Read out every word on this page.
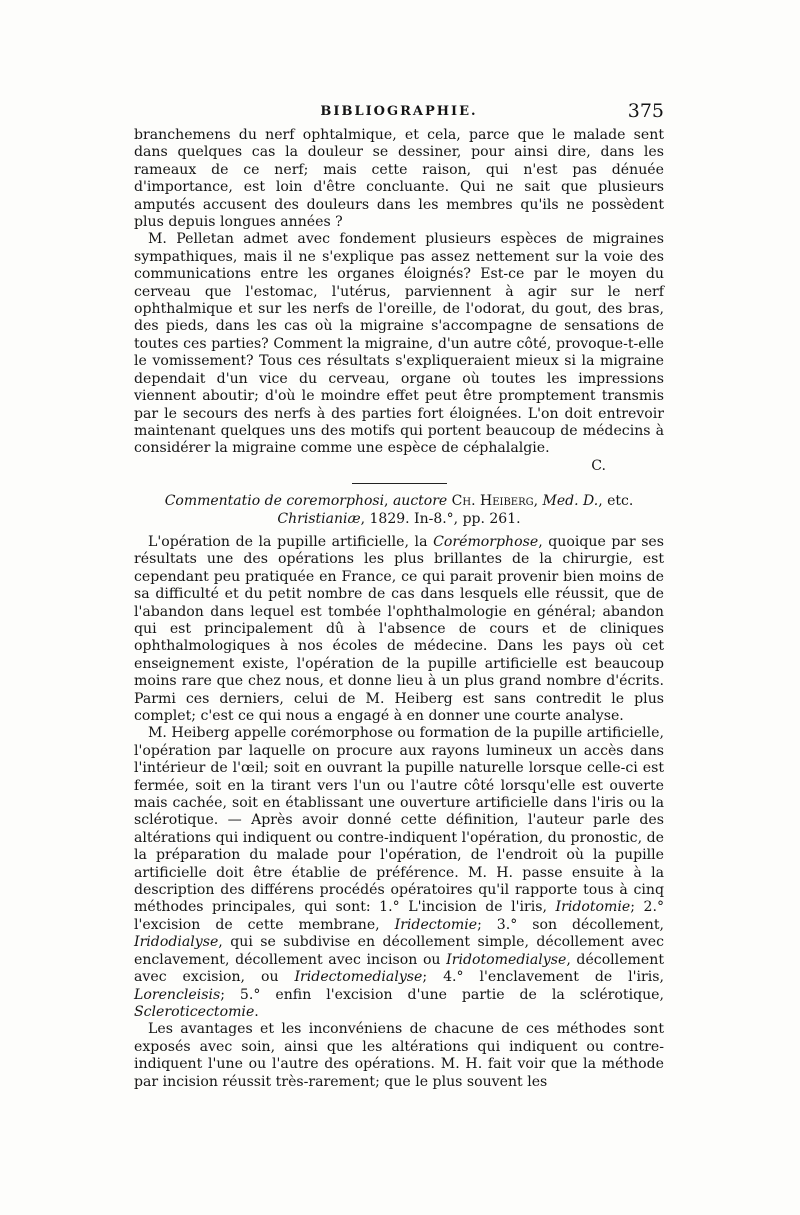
BIBLIOGRAPHIE.	375

branchemens du nerf ophtalmique, et cela, parce que le malade sent dans quelques cas la douleur se dessiner, pour ainsi dire, dans les rameaux de ce nerf; mais cette raison, qui n'est pas dénuée d'importance, est loin d'être concluante. Qui ne sait que plusieurs amputés accusent des douleurs dans les membres qu'ils ne possèdent plus depuis longues années ?

M. Pelletan admet avec fondement plusieurs espèces de migraines sympathiques, mais il ne s'explique pas assez nettement sur la voie des communications entre les organes éloignés? Est-ce par le moyen du cerveau que l'estomac, l'utérus, parviennent à agir sur le nerf ophthalmique et sur les nerfs de l'oreille, de l'odorat, du gout, des bras, des pieds, dans les cas où la migraine s'accompagne de sensations de toutes ces parties? Comment la migraine, d'un autre côté, provoque-t-elle le vomissement? Tous ces résultats s'expliqueraient mieux si la migraine dependait d'un vice du cerveau, organe où toutes les impressions viennent aboutir; d'où le moindre effet peut être promptement transmis par le secours des nerfs à des parties fort éloignées. L'on doit entrevoir maintenant quelques uns des motifs qui portent beaucoup de médecins à considérer la migraine comme une espèce de céphalalgie.

C.

Commentatio de coremorphosi, auctore Ch. Heiberg, Med. D., etc.
Christianiæ, 1829. In-8.°, pp. 261.

L'opération de la pupille artificielle, la Corémorphose, quoique par ses résultats une des opérations les plus brillantes de la chirurgie, est cependant peu pratiquée en France, ce qui parait provenir bien moins de sa difficulté et du petit nombre de cas dans lesquels elle réussit, que de l'abandon dans lequel est tombée l'ophthalmologie en général; abandon qui est principalement dû à l'absence de cours et de cliniques ophthalmologiques à nos écoles de médecine. Dans les pays où cet enseignement existe, l'opération de la pupille artificielle est beaucoup moins rare que chez nous, et donne lieu à un plus grand nombre d'écrits. Parmi ces derniers, celui de M. Heiberg est sans contredit le plus complet; c'est ce qui nous a engagé à en donner une courte analyse.

M. Heiberg appelle corémorphose ou formation de la pupille artificielle, l'opération par laquelle on procure aux rayons lumineux un accès dans l'intérieur de l'œil; soit en ouvrant la pupille naturelle lorsque celle-ci est fermée, soit en la tirant vers l'un ou l'autre côté lorsqu'elle est ouverte mais cachée, soit en établissant une ouverture artificielle dans l'iris ou la sclérotique. — Après avoir donné cette définition, l'auteur parle des altérations qui indiquent ou contre-indiquent l'opération, du pronostic, de la préparation du malade pour l'opération, de l'endroit où la pupille artificielle doit être établie de préférence. M. H. passe ensuite à la description des différens procédés opératoires qu'il rapporte tous à cinq méthodes principales, qui sont: 1.° L'incision de l'iris, Iridotomie; 2.° l'excision de cette membrane, Iridectomie; 3.° son décollement, Iridodialyse, qui se subdivise en décollement simple, décollement avec enclavement, décollement avec incison ou Iridotomedialyse, décollement avec excision, ou Iridectomedialyse; 4.° l'enclavement de l'iris, Lorencleisis; 5.° enfin l'excision d'une partie de la sclérotique, Scleroticectomie.

Les avantages et les inconvéniens de chacune de ces méthodes sont exposés avec soin, ainsi que les altérations qui indiquent ou contre-indiquent l'une ou l'autre des opérations. M. H. fait voir que la méthode par incision réussit très-rarement; que le plus souvent les
